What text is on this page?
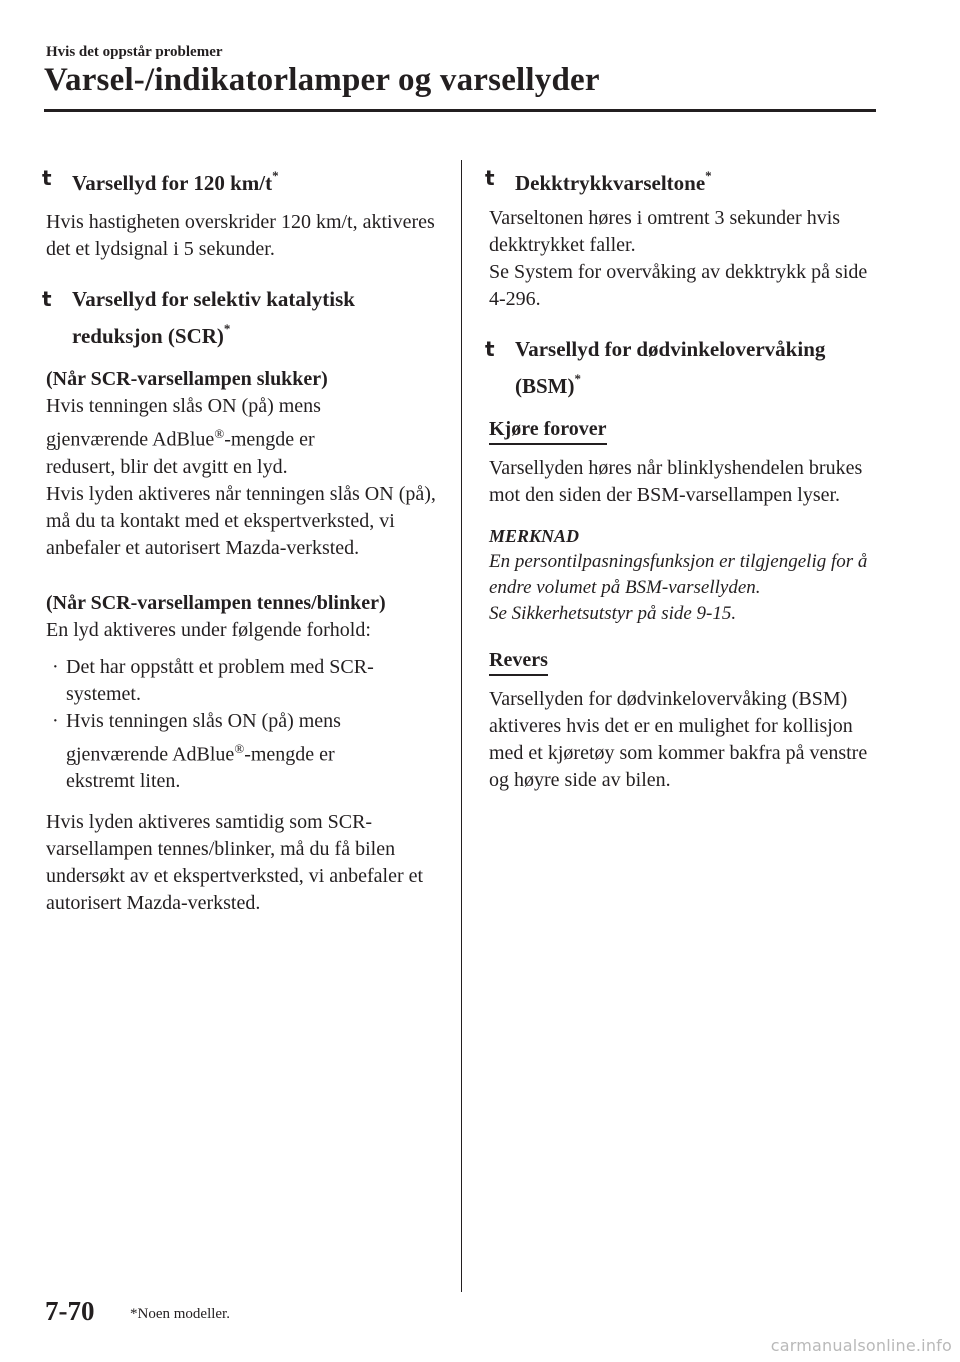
Hvis det oppstår problemer
Varsel-/indikatorlamper og varsellyder
t Varsellyd for 120 km/t*
Hvis hastigheten overskrider 120 km/t, aktiveres det et lydsignal i 5 sekunder.
t Varsellyd for selektiv katalytisk
reduksjon (SCR)*
(Når SCR-varsellampen slukker)
Hvis tenningen slås ON (på) mens
gjenværende AdBlue®-mengde er
redusert, blir det avgitt en lyd.
Hvis lyden aktiveres når tenningen slås ON (på), må du ta kontakt med et ekspertverksted, vi anbefaler et autorisert Mazda-verksted.
(Når SCR-varsellampen tennes/blinker)
En lyd aktiveres under følgende forhold:
· Det har oppstått et problem med SCR-systemet.
· Hvis tenningen slås ON (på) mens
gjenværende AdBlue®-mengde er
ekstremt liten.
Hvis lyden aktiveres samtidig som SCR-varsellampen tennes/blinker, må du få bilen undersøkt av et ekspertverksted, vi anbefaler et autorisert Mazda-verksted.
t Dekktrykkvarseltone*
Varseltonen høres i omtrent 3 sekunder hvis dekktrykket faller.
Se System for overvåking av dekktrykk på side 4-296.
t Varsellyd for dødvinkelovervåking
(BSM)*
Kjøre forover
Varsellyden høres når blinklyshendelen brukes mot den siden der BSM-varsellampen lyser.
MERKNAD
En persontilpasningsfunksjon er tilgjengelig for å endre volumet på BSM-varsellyden.
Se Sikkerhetsutstyr på side 9-15.
Revers
Varsellyden for dødvinkelovervåking (BSM) aktiveres hvis det er en mulighet for kollisjon med et kjøretøy som kommer bakfra på venstre og høyre side av bilen.
7-70 *Noen modeller.
carmanualsonline.info
